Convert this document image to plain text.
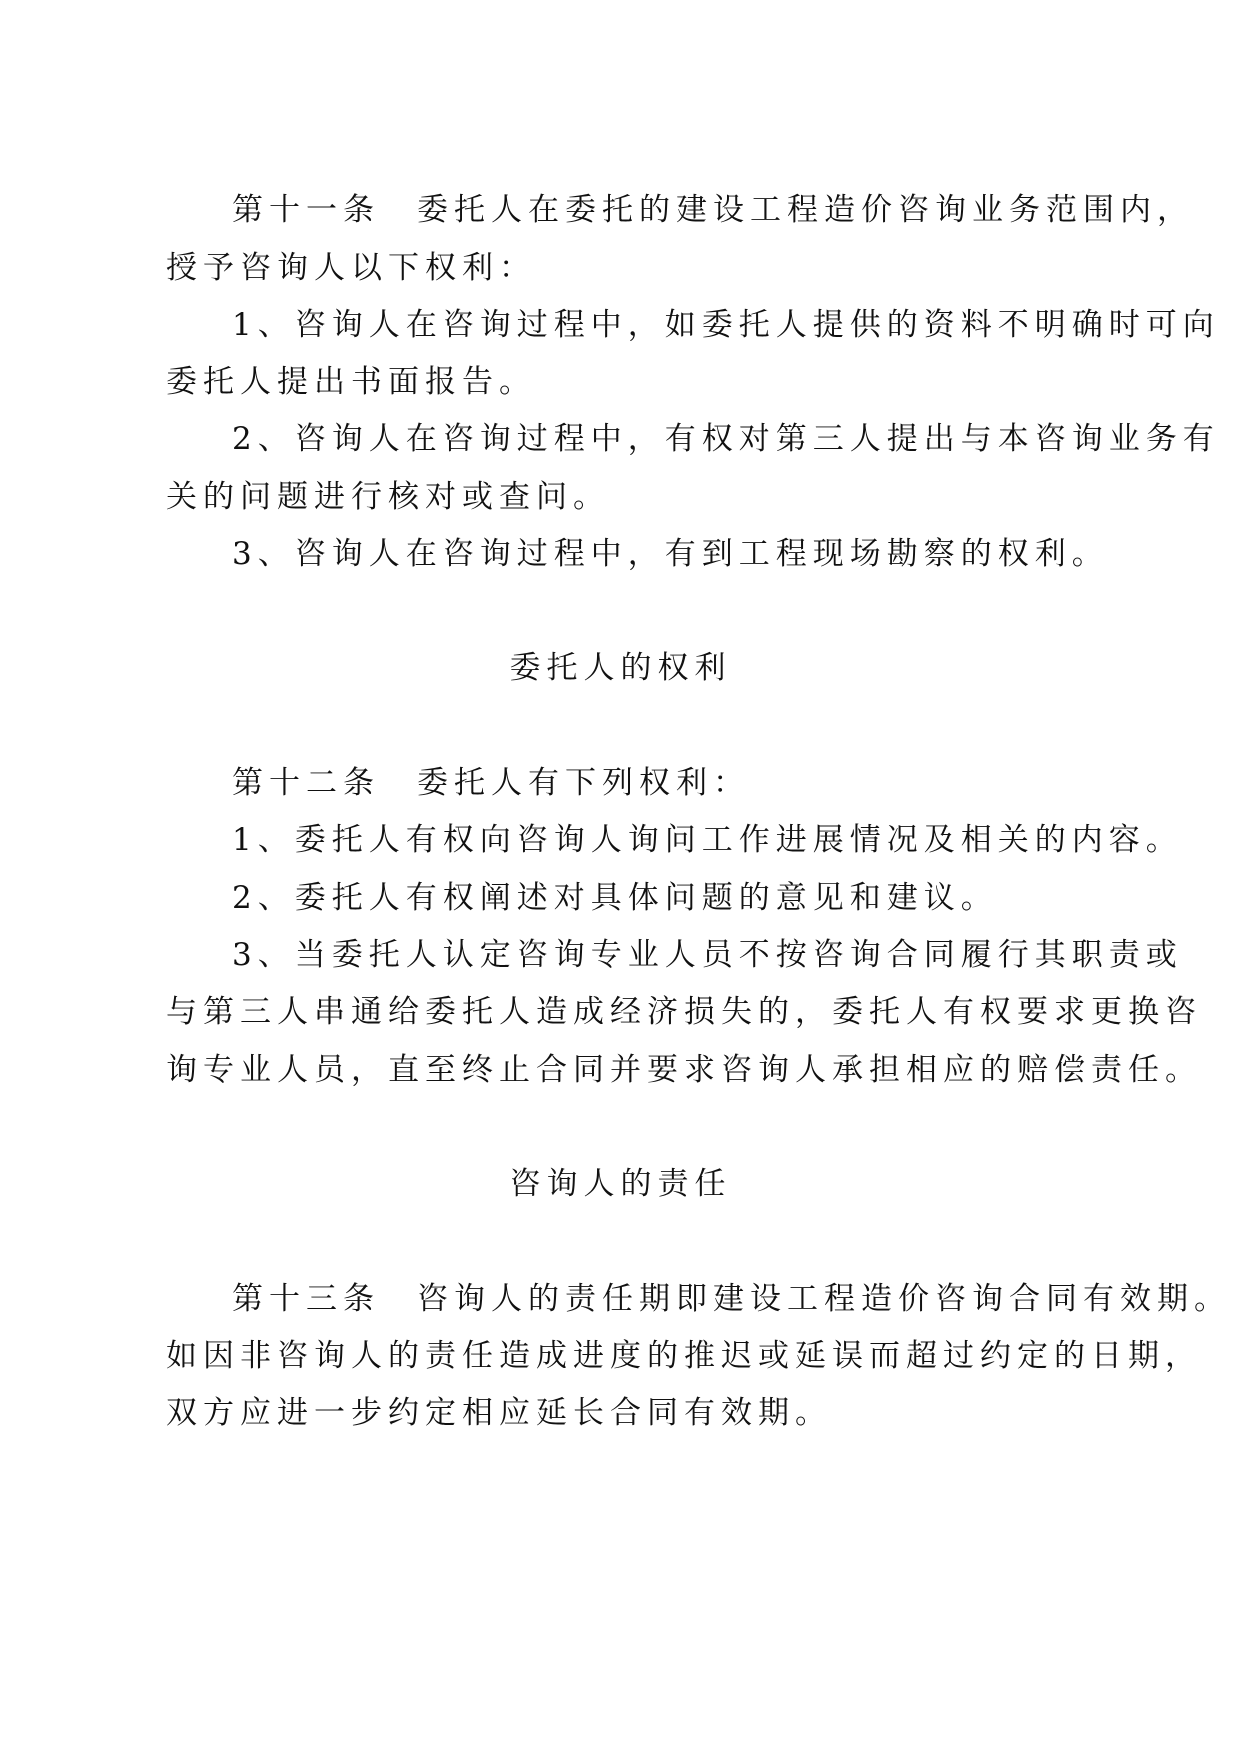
第十一条　委托人在委托的建设工程造价咨询业务范围内，
授予咨询人以下权利：
1、咨询人在咨询过程中，如委托人提供的资料不明确时可向
委托人提出书面报告。
2、咨询人在咨询过程中，有权对第三人提出与本咨询业务有
关的问题进行核对或查问。
3、咨询人在咨询过程中，有到工程现场勘察的权利。
委托人的权利
第十二条　委托人有下列权利：
1、委托人有权向咨询人询问工作进展情况及相关的内容。
2、委托人有权阐述对具体问题的意见和建议。
3、当委托人认定咨询专业人员不按咨询合同履行其职责或
与第三人串通给委托人造成经济损失的，委托人有权要求更换咨
询专业人员，直至终止合同并要求咨询人承担相应的赔偿责任。
咨询人的责任
第十三条　咨询人的责任期即建设工程造价咨询合同有效期。
如因非咨询人的责任造成进度的推迟或延误而超过约定的日期，
双方应进一步约定相应延长合同有效期。
